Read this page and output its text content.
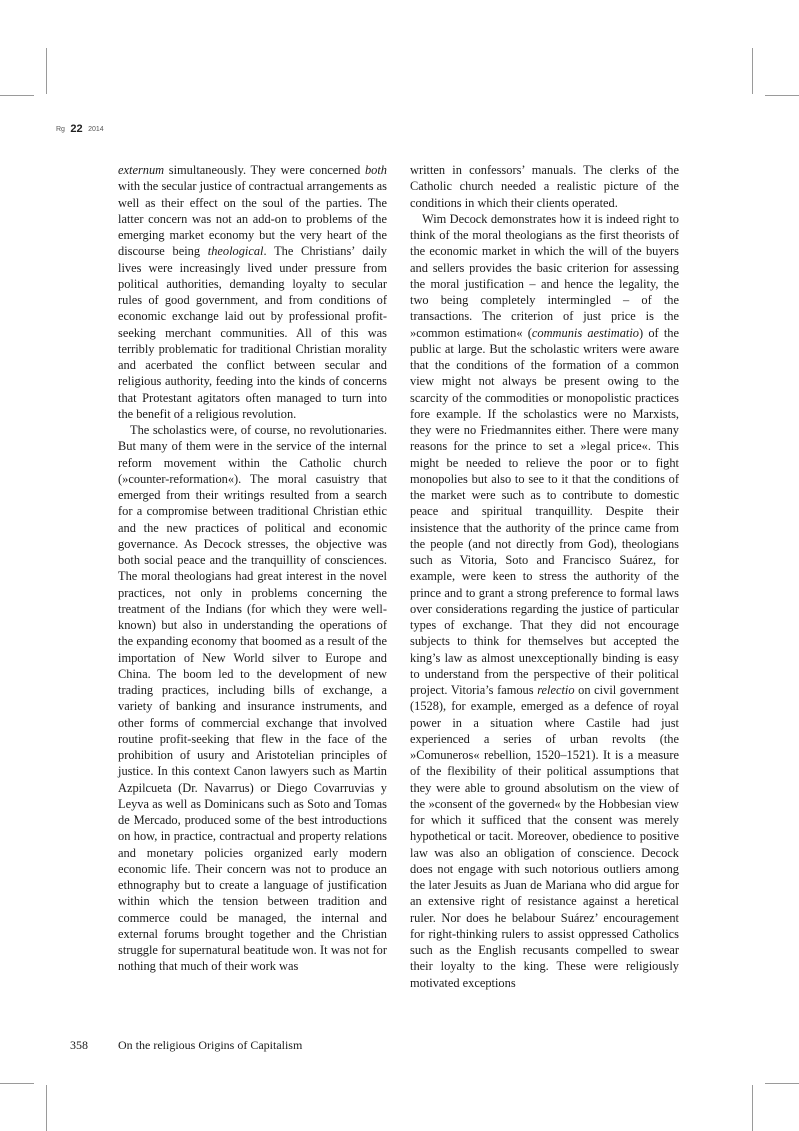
Rg 22 2014

externum simultaneously. They were concerned both with the secular justice of contractual arrangements as well as their effect on the soul of the parties. The latter concern was not an add-on to problems of the emerging market economy but the very heart of the discourse being theological. The Christians’ daily lives were increasingly lived under pressure from political authorities, demanding loyalty to secular rules of good government, and from conditions of economic exchange laid out by professional profit-seeking merchant communities. All of this was terribly problematic for traditional Christian morality and acerbated the conflict between secular and religious authority, feeding into the kinds of concerns that Protestant agitators often managed to turn into the benefit of a religious revolution.

The scholastics were, of course, no revolutionaries. But many of them were in the service of the internal reform movement within the Catholic church (»counter-reformation«). The moral casuistry that emerged from their writings resulted from a search for a compromise between traditional Christian ethic and the new practices of political and economic governance. As Decock stresses, the objective was both social peace and the tranquillity of consciences. The moral theologians had great interest in the novel practices, not only in problems concerning the treatment of the Indians (for which they were well-known) but also in understanding the operations of the expanding economy that boomed as a result of the importation of New World silver to Europe and China. The boom led to the development of new trading practices, including bills of exchange, a variety of banking and insurance instruments, and other forms of commercial exchange that involved routine profit-seeking that flew in the face of the prohibition of usury and Aristotelian principles of justice. In this context Canon lawyers such as Martin Azpilcueta (Dr. Navarrus) or Diego Covarruvias y Leyva as well as Dominicans such as Soto and Tomas de Mercado, produced some of the best introductions on how, in practice, contractual and property relations and monetary policies organized early modern economic life. Their concern was not to produce an ethnography but to create a language of justification within which the tension between tradition and commerce could be managed, the internal and external forums brought together and the Christian struggle for supernatural beatitude won. It was not for nothing that much of their work was

written in confessors’ manuals. The clerks of the Catholic church needed a realistic picture of the conditions in which their clients operated.

Wim Decock demonstrates how it is indeed right to think of the moral theologians as the first theorists of the economic market in which the will of the buyers and sellers provides the basic criterion for assessing the moral justification – and hence the legality, the two being completely intermingled – of the transactions. The criterion of just price is the »common estimation« (communis aestimatio) of the public at large. But the scholastic writers were aware that the conditions of the formation of a common view might not always be present owing to the scarcity of the commodities or monopolistic practices fore example. If the scholastics were no Marxists, they were no Friedmannites either. There were many reasons for the prince to set a »legal price«. This might be needed to relieve the poor or to fight monopolies but also to see to it that the conditions of the market were such as to contribute to domestic peace and spiritual tranquillity. Despite their insistence that the authority of the prince came from the people (and not directly from God), theologians such as Vitoria, Soto and Francisco Suárez, for example, were keen to stress the authority of the prince and to grant a strong preference to formal laws over considerations regarding the justice of particular types of exchange. That they did not encourage subjects to think for themselves but accepted the king’s law as almost unexceptionally binding is easy to understand from the perspective of their political project. Vitoria’s famous relectio on civil government (1528), for example, emerged as a defence of royal power in a situation where Castile had just experienced a series of urban revolts (the »Comuneros« rebellion, 1520–1521). It is a measure of the flexibility of their political assumptions that they were able to ground absolutism on the view of the »consent of the governed« by the Hobbesian view for which it sufficed that the consent was merely hypothetical or tacit. Moreover, obedience to positive law was also an obligation of conscience. Decock does not engage with such notorious outliers among the later Jesuits as Juan de Mariana who did argue for an extensive right of resistance against a heretical ruler. Nor does he belabour Suárez’ encouragement for right-thinking rulers to assist oppressed Catholics such as the English recusants compelled to swear their loyalty to the king. These were religiously motivated exceptions

358	On the religious Origins of Capitalism
